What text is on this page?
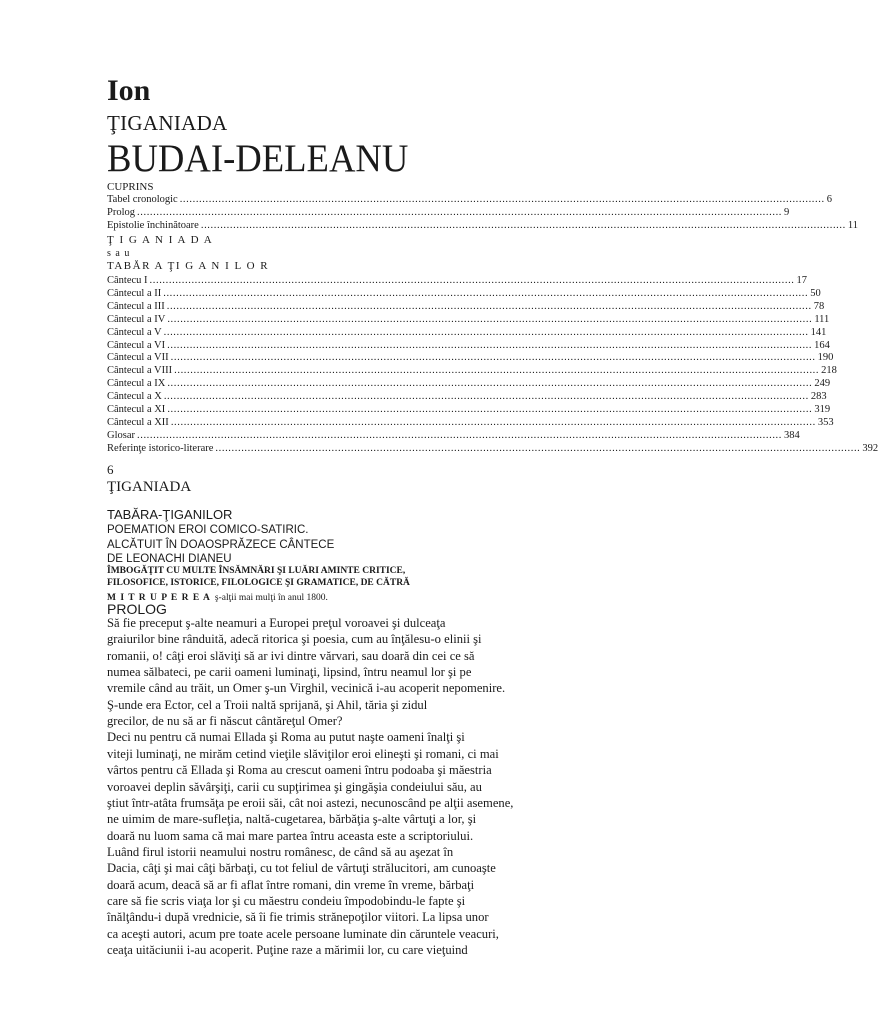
Ion
ŢIGANIADA
BUDAI-DELEANU
CUPRINS
Tabel cronologic ........................................................................................................................................................................................................ 6
Prolog ........................................................................................................................................................................................................ 9
Epistolie închinătoare ........................................................................................................................................................................................................ 11
Ţ I G A N I A D A
s a u
TABĂR A ŢI G A N I L O R
Cântecu I ........................................................................................................................................................................................................ 17
Cântecul a II ........................................................................................................................................................................................................ 50
Cântecul a III ........................................................................................................................................................................................................ 78
Cântecul a IV ........................................................................................................................................................................................................ 111
Cântecul a V ........................................................................................................................................................................................................ 141
Cântecul a VI ........................................................................................................................................................................................................ 164
Cântecul a VII ........................................................................................................................................................................................................ 190
Cântecul a VIII ........................................................................................................................................................................................................ 218
Cântecul a IX ........................................................................................................................................................................................................ 249
Cântecul a X ........................................................................................................................................................................................................ 283
Cântecul a XI ........................................................................................................................................................................................................ 319
Cântecul a XII ........................................................................................................................................................................................................ 353
Glosar ........................................................................................................................................................................................................ 384
Referinţe istorico-literare ........................................................................................................................................................................................................ 392
6
ŢIGANIADA
TABĂRA-ŢIGANILOR
POEMATION EROI COMICO-SATIRIC.
ALCĂTUIT ÎN DOAOSPRĂZECE CÂNTECE
DE LEONACHI DIANEU
ÎMBOGĂŢIT CU MULTE ÎNSĂMNĂRI ŞI LUĂRI AMINTE CRITICE,
FILOSOFICE, ISTORICE, FILOLOGICE ŞI GRAMATICE, DE CĂTRĂ
M I T R U P E R E A ş-alţii mai mulţi în anul 1800.
PROLOG
Să fie preceput ş-alte neamuri a Europei preţul voroavei şi dulceaţa
graiurilor bine rânduită, adecă ritorica şi poesia, cum au înţălesu-o elinii şi
romanii, o! câţi eroi slăviţi să ar ivi dintre vărvari, sau doară din cei ce să
numea sălbateci, pe carii oameni luminaţi, lipsind, întru neamul lor şi pe
vremile când au trăit, un Omer ş-un Virghil, vecinică i-au acoperit nepomenire.
Ş-unde era Ector, cel a Troii naltă sprijană, şi Ahil, tăria şi zidul
grecilor, de nu să ar fi născut cântăreţul Omer?
Deci nu pentru că numai Ellada şi Roma au putut naşte oameni înalţi şi
viteji luminaţi, ne mirăm cetind vieţile slăviţilor eroi elineşti şi romani, ci mai
vârtos pentru că Ellada şi Roma au crescut oameni întru podoaba şi măestria
voroavei deplin săvârşiţi, carii cu supţirimea şi gingăşia condeiului său, au
ştiut într-atâta frumsăţa pe eroii săi, cât noi astezi, necunoscând pe alţii asemene,
ne uimim de mare-sufleţia, naltă-cugetarea, bărbăţia ş-alte vârtuţi a lor, şi
doară nu luom sama că mai mare partea întru aceasta este a scriptoriului.
Luând firul istorii neamului nostru românesc, de când să au aşezat în
Dacia, câţi şi mai câţi bărbaţi, cu tot feliul de vârtuţi strălucitori, am cunoaşte
doară acum, deacă să ar fi aflat între romani, din vreme în vreme, bărbaţi
care să fie scris viaţa lor şi cu măestru condeiu împodobindu-le fapte şi
înălţându-i după vrednicie, să îi fie trimis strănepoţilor viitori. La lipsa unor
ca aceşti autori, acum pre toate acele persoane luminate din căruntele veacuri,
ceaţa uităciunii i-au acoperit. Puţine raze a mărimii lor, cu care vieţuind
